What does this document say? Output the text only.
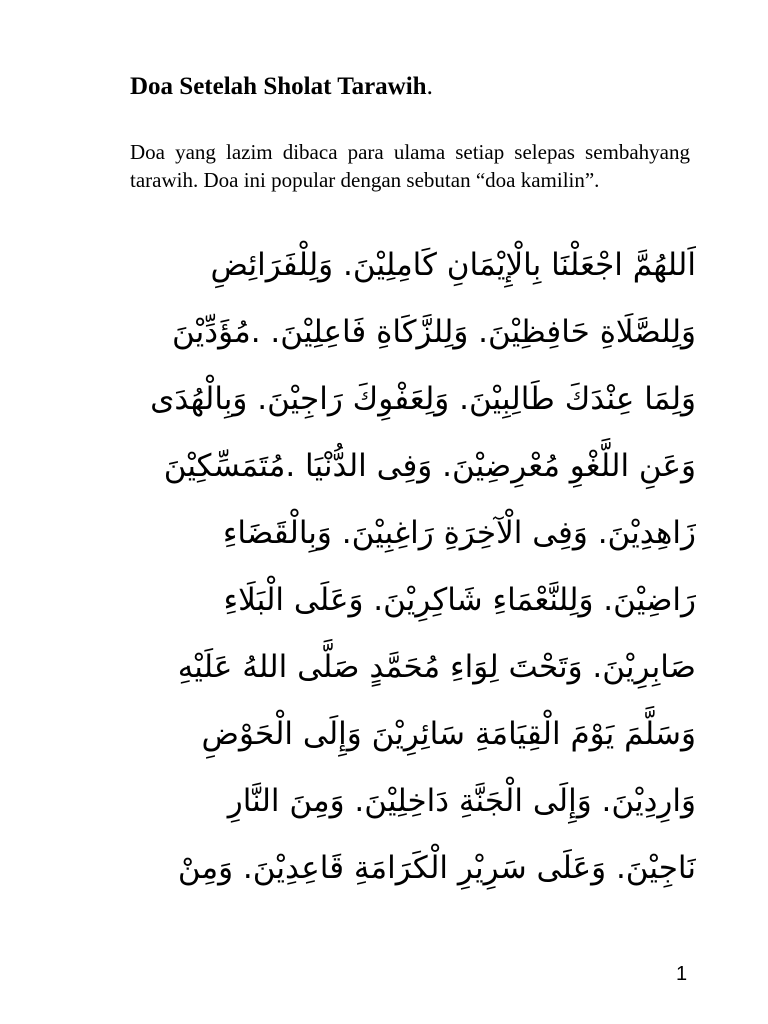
Doa Setelah Sholat Tarawih.

Doa yang lazim dibaca para ulama setiap selepas sembahyang tarawih. Doa ini popular dengan sebutan “doa kamilin”.

اَللهُمَّ اجْعَلْنَا بِالْإِيْمَانِ كَامِلِيْنَ. وَلِلْفَرَائِضِ
وَلِلصَّلَاةِ حَافِظِيْنَ. وَلِلزَّكَاةِ فَاعِلِيْنَ. .مُؤَدِّيْنَ
وَلِمَا عِنْدَكَ طَالِبِيْنَ. وَلِعَفْوِكَ رَاجِيْنَ. وَبِالْهُدَى
وَعَنِ اللَّغْوِ مُعْرِضِيْنَ. وَفِى الدُّنْيَا .مُتَمَسِّكِيْنَ
زَاهِدِيْنَ. وَفِى الْآخِرَةِ رَاغِبِيْنَ. وَبِالْقَضَاءِ
رَاضِيْنَ. وَلِلنَّعْمَاءِ شَاكِرِيْنَ. وَعَلَى الْبَلَاءِ
صَابِرِيْنَ. وَتَحْتَ لِوَاءِ مُحَمَّدٍ صَلَّى اللهُ عَلَيْهِ
وَسَلَّمَ يَوْمَ الْقِيَامَةِ سَائِرِيْنَ وَإِلَى الْحَوْضِ
وَارِدِيْنَ. وَإِلَى الْجَنَّةِ دَاخِلِيْنَ. وَمِنَ النَّارِ
نَاجِيْنَ. وَعَلَى سَرِيْرِ الْكَرَامَةِ قَاعِدِيْنَ. وَمِنْ
1
